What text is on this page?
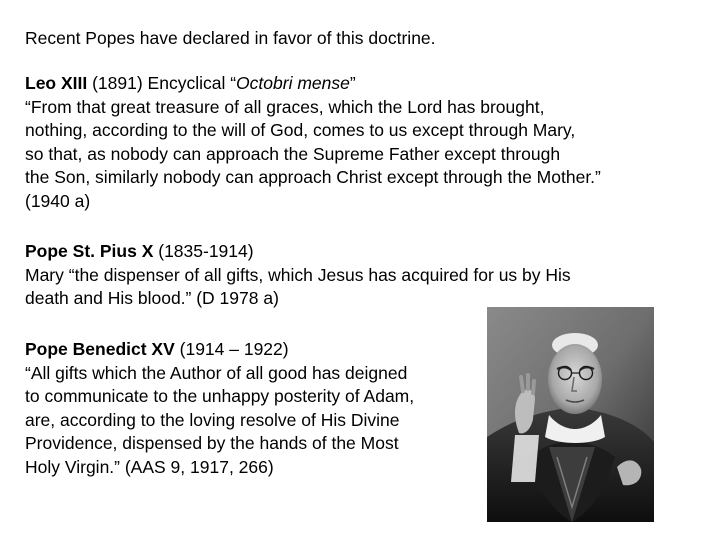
Recent Popes have declared in favor of this doctrine.

Leo XIII (1891) Encyclical “Octobri mense”
“From that great treasure of all graces, which the Lord has brought,
nothing, according to the will of God, comes to us except through Mary,
so that, as nobody can approach the Supreme Father except through
the Son, similarly nobody can approach Christ except through the Mother.”
(1940 a)
Pope St. Pius X (1835-1914)
Mary “the dispenser of all gifts, which Jesus has acquired for us by His
death and His blood.” (D 1978 a)
Pope Benedict XV (1914 – 1922)
“All gifts which the Author of all good has deigned
to communicate to the unhappy posterity of Adam,
are, according to the loving resolve of His Divine
Providence, dispensed by the hands of the Most
Holy Virgin.” (AAS 9, 1917, 266)
